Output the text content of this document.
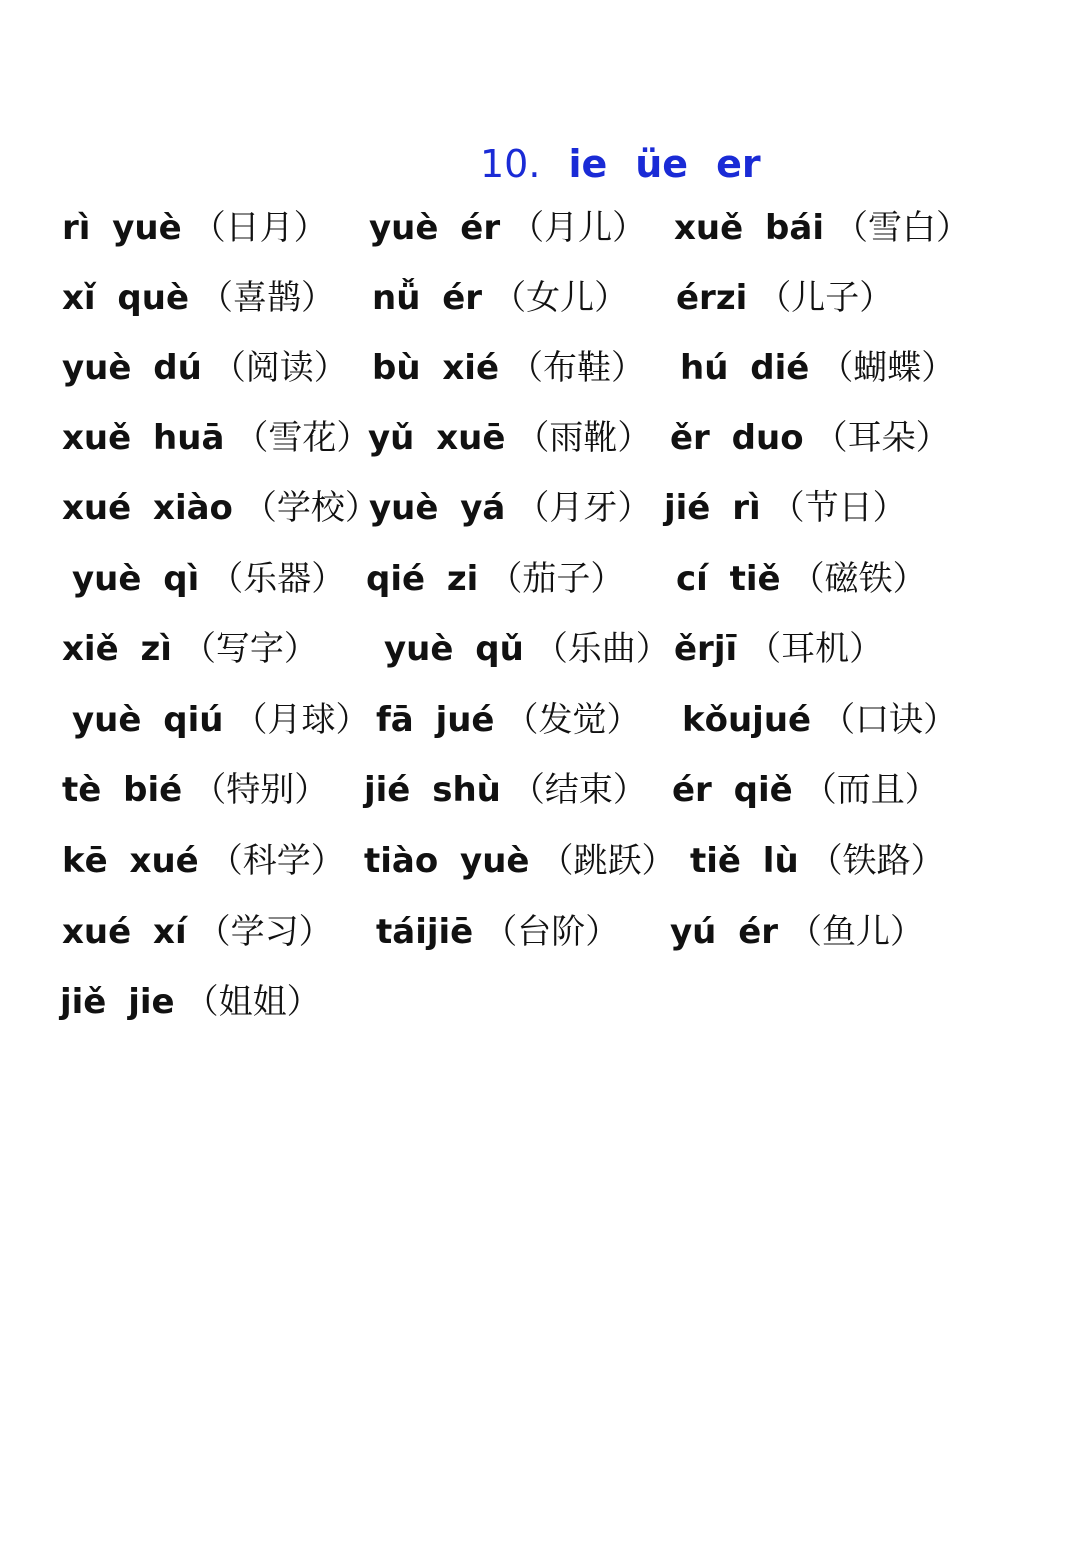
10. ie üe er
rì yuè （日月） yuè ér （月儿） xuě bái （雪白）
xǐ què （喜鹊） nǚ ér （女儿） érzi （儿子）
yuè dú （阅读） bù xié （布鞋） hú dié （蝴蝶）
xuě huā （雪花）
yǔ xuē （雨靴） ěr duo （耳朵）
xué xiào （学校）
yuè yá （月牙） jié rì （节日）
yuè qì （乐器） qié zi （茄子） cí tiě （磁铁）
xiě zì （写字） yuè qǔ （乐曲） ěrjī （耳机）
yuè qiú （月球） fā jué （发觉） kǒujué （口诀）
tè bié （特别） jié shù （结束） ér qiě （而且）
kē xué （科学） tiào yuè （跳跃） tiě lù （铁路）
xué xí （学习） táijiē （台阶） yú ér （鱼儿）
jiě jie （姐姐）
